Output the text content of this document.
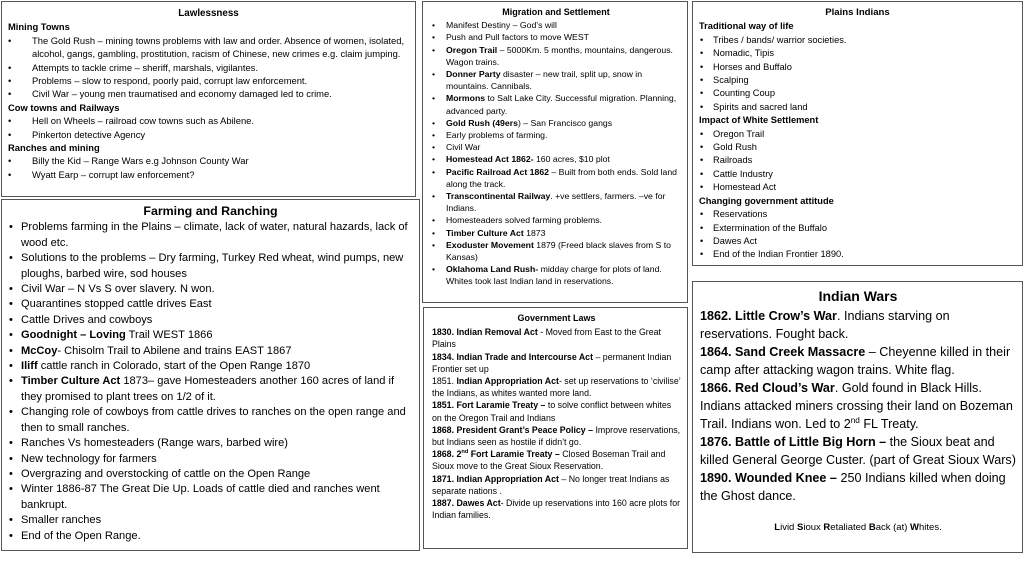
Lawlessness
Mining Towns
• The Gold Rush – mining towns problems with law and order. Absence of women, isolated, alcohol, gangs, gambling, prostitution, racism of Chinese, new crimes e.g. claim jumping.
• Attempts to tackle crime – sheriff, marshals, vigilantes.
• Problems – slow to respond, poorly paid, corrupt law enforcement.
• Civil War – young men traumatised and economy damaged led to crime.
Cow towns and Railways
• Hell on Wheels – railroad cow towns such as Abilene.
• Pinkerton detective Agency
Ranches and mining
• Billy the Kid – Range Wars e.g Johnson County War
• Wyatt Earp – corrupt law enforcement?
Farming and Ranching
• Problems farming in the Plains – climate, lack of water, natural hazards, lack of wood etc.
• Solutions to the problems – Dry farming, Turkey Red wheat, wind pumps, new ploughs, barbed wire, sod houses
• Civil War – N Vs S over slavery. N won.
• Quarantines stopped cattle drives East
• Cattle Drives and cowboys
• Goodnight – Loving Trail WEST 1866
• McCoy- Chisolm Trail to Abilene and trains EAST 1867
• Iliff cattle ranch in Colorado, start of the Open Range 1870
• Timber Culture Act 1873– gave Homesteaders another 160 acres of land if they promised to plant trees on 1/2 of it.
• Changing role of cowboys from cattle drives to ranches on the open range and then to small ranches.
• Ranches Vs homesteaders (Range wars, barbed wire)
• New technology for farmers
• Overgrazing and overstocking of cattle on the Open Range
• Winter 1886-87 The Great Die Up. Loads of cattle died and ranches went bankrupt.
• Smaller ranches
• End of the Open Range.
Migration and Settlement
• Manifest Destiny – God’s will
• Push and Pull factors to move WEST
• Oregon Trail – 5000Km. 5 months, mountains, dangerous. Wagon trains.
• Donner Party disaster – new trail, split up, snow in mountains. Cannibals.
• Mormons to Salt Lake City. Successful migration. Planning, advanced party.
• Gold Rush (49ers) – San Francisco gangs
• Early problems of farming.
• Civil War
• Homestead Act 1862- 160 acres, $10 plot
• Pacific Railroad Act 1862 – Built from both ends. Sold land along the track.
• Transcontinental Railway. +ve settlers, farmers. –ve for Indians.
• Homesteaders solved farming problems.
• Timber Culture Act 1873
• Exoduster Movement 1879 (Freed black slaves from S to Kansas)
• Oklahoma Land Rush- midday charge for plots of land. Whites took last Indian land in reservations.
Government Laws
1830. Indian Removal Act - Moved from East to the Great Plains
1834. Indian Trade and Intercourse Act – permanent Indian Frontier set up
1851. Indian Appropriation Act- set up reservations to ‘civilise’ the Indians, as whites wanted more land.
1851. Fort Laramie Treaty – to solve conflict between whites on the Oregon Trail and Indians
1868. President Grant’s Peace Policy – Improve reservations, but Indians seen as hostile if didn’t go.
1868. 2nd Fort Laramie Treaty – Closed Boseman Trail and Sioux move to the Great Sioux Reservation.
1871. Indian Appropriation Act – No longer treat Indians as separate nations .
1887. Dawes Act- Divide up reservations into 160 acre plots for Indian families.
Plains Indians
Traditional way of life
• Tribes / bands/ warrior societies.
• Nomadic, Tipis
• Horses and Buffalo
• Scalping
• Counting Coup
• Spirits and sacred land
Impact of White Settlement
• Oregon Trail
• Gold Rush
• Railroads
• Cattle Industry
• Homestead Act
Changing government attitude
• Reservations
• Extermination of the Buffalo
• Dawes Act
• End of the Indian Frontier 1890.
Indian Wars
1862. Little Crow’s War. Indians starving on reservations. Fought back.
1864. Sand Creek Massacre – Cheyenne killed in their camp after attacking wagon trains. White flag.
1866. Red Cloud’s War. Gold found in Black Hills. Indians attacked miners crossing their land on Bozeman Trail. Indians won. Led to 2nd FL Treaty.
1876. Battle of Little Big Horn – the Sioux beat and killed General George Custer. (part of Great Sioux Wars)
1890. Wounded Knee – 250 Indians killed when doing the Ghost dance.
Livid Sioux Retaliated Back (at) Whites.
